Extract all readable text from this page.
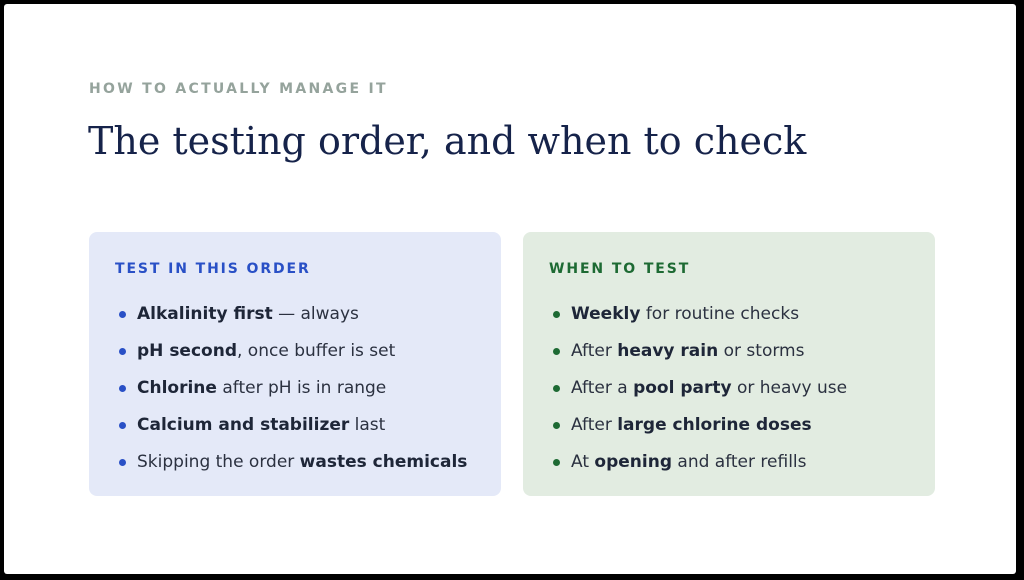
HOW TO ACTUALLY MANAGE IT
The testing order, and when to check
TEST IN THIS ORDER
Alkalinity first — always
pH second, once buffer is set
Chlorine after pH is in range
Calcium and stabilizer last
Skipping the order wastes chemicals
WHEN TO TEST
Weekly for routine checks
After heavy rain or storms
After a pool party or heavy use
After large chlorine doses
At opening and after refills
